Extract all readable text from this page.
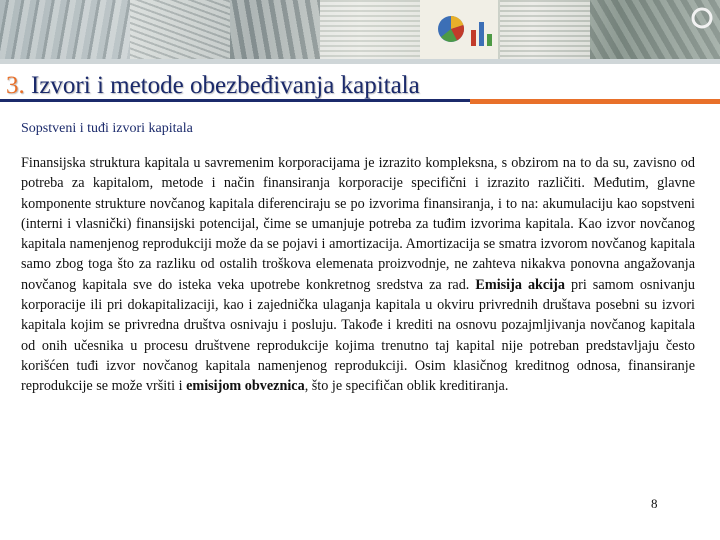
3. Izvori i metode obezbeđivanja kapitala

Sopstveni i tuđi izvori kapitala

Finansijska struktura kapitala u savremenim korporacijama je izrazito kompleksna, s obzirom na to da su, zavisno od potreba za kapitalom, metode i način finansiranja korporacije specifični i izrazito različiti. Međutim, glavne komponente strukture novčanog kapitala diferenciraju se po izvorima finansiranja, i to na: akumulaciju kao sopstveni (interni i vlasnički) finansijski potencijal, čime se umanjuje potreba za tuđim izvorima kapitala. Kao izvor novčanog kapitala namenjenog reprodukciji može da se pojavi i amortizacija. Amortizacija se smatra izvorom novčanog kapitala samo zbog toga što za razliku od ostalih troškova elemenata proizvodnje, ne zahteva nikakva ponovna angažovanja novčanog kapitala sve do isteka veka upotrebe konkretnog sredstva za rad. Emisija akcija pri samom osnivanju korporacije ili pri dokapitalizaciji, kao i zajednička ulaganja kapitala u okviru privrednih društava posebni su izvori kapitala kojim se privredna društva osnivaju i posluju. Takođe i krediti na osnovu pozajmljivanja novčanog kapitala od onih učesnika u procesu društvene reprodukcije kojima trenutno taj kapital nije potreban predstavljaju često korišćen tuđi izvor novčanog kapitala namenjenog reprodukciji. Osim klasičnog kreditnog odnosa, finansiranje reprodukcije se može vršiti i emisijom obveznica, što je specifičan oblik kreditiranja.

8
